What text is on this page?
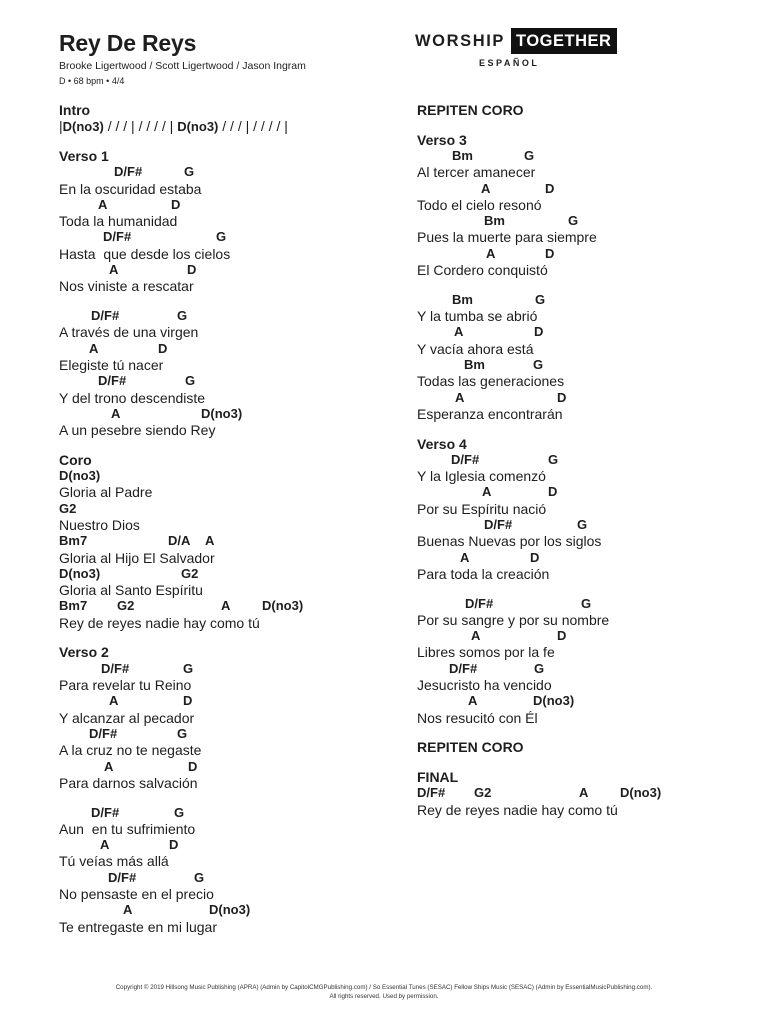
Rey De Reys
Brooke Ligertwood / Scott Ligertwood / Jason Ingram
D • 68 bpm • 4/4
WORSHIP TOGETHER
ESPAÑOL
Intro
|D(no3) / / / | / / / / | D(no3) / / / | / / / / |
Verso 1
D/F#	G
En la oscuridad estaba
A	D
Toda la humanidad
D/F#	G
Hasta  que desde los cielos
A	D
Nos viniste a rescatar
D/F#	G
A través de una virgen
A	D
Elegiste tú nacer
D/F#	G
Y del trono descendiste
A	D(no3)
A un pesebre siendo Rey
Coro
D(no3)
Gloria al Padre
G2
Nuestro Dios
Bm7	D/A A
Gloria al Hijo El Salvador
D(no3)	G2
Gloria al Santo Espíritu
Bm7 G2	A D(no3)
Rey de reyes nadie hay como tú
Verso 2
D/F#	G
Para revelar tu Reino
A	D
Y alcanzar al pecador
D/F#	G
A la cruz no te negaste
A	D
Para darnos salvación
D/F#	G
Aun  en tu sufrimiento
A	D
Tú veías más allá
D/F#	G
No pensaste en el precio
A	D(no3)
Te entregaste en mi lugar
REPITEN CORO
Verso 3
Bm	G
Al tercer amanecer
A	D
Todo el cielo resonó
Bm	G
Pues la muerte para siempre
A	D
El Cordero conquistó
Bm	G
Y la tumba se abrió
A	D
Y vacía ahora está
Bm	G
Todas las generaciones
A	D
Esperanza encontrarán
Verso 4
D/F#	G
Y la Iglesia comenzó
A	D
Por su Espíritu nació
D/F#	G
Buenas Nuevas por los siglos
A	D
Para toda la creación
D/F#	G
Por su sangre y por su nombre
A	D
Libres somos por la fe
D/F#	G
Jesucristo ha vencido
A	D(no3)
Nos resucitó con Él
REPITEN CORO
FINAL
D/F# G2	A D(no3)
Rey de reyes nadie hay como tú
Copyright © 2019 Hillsong Music Publishing (APRA) (Admin by CapitolCMGPublishing.com) / So Essential Tunes (SESAC) Fellow Ships Music (SESAC) (Admin by EssentialMusicPublishing.com).
All rights reserved. Used by permission.
